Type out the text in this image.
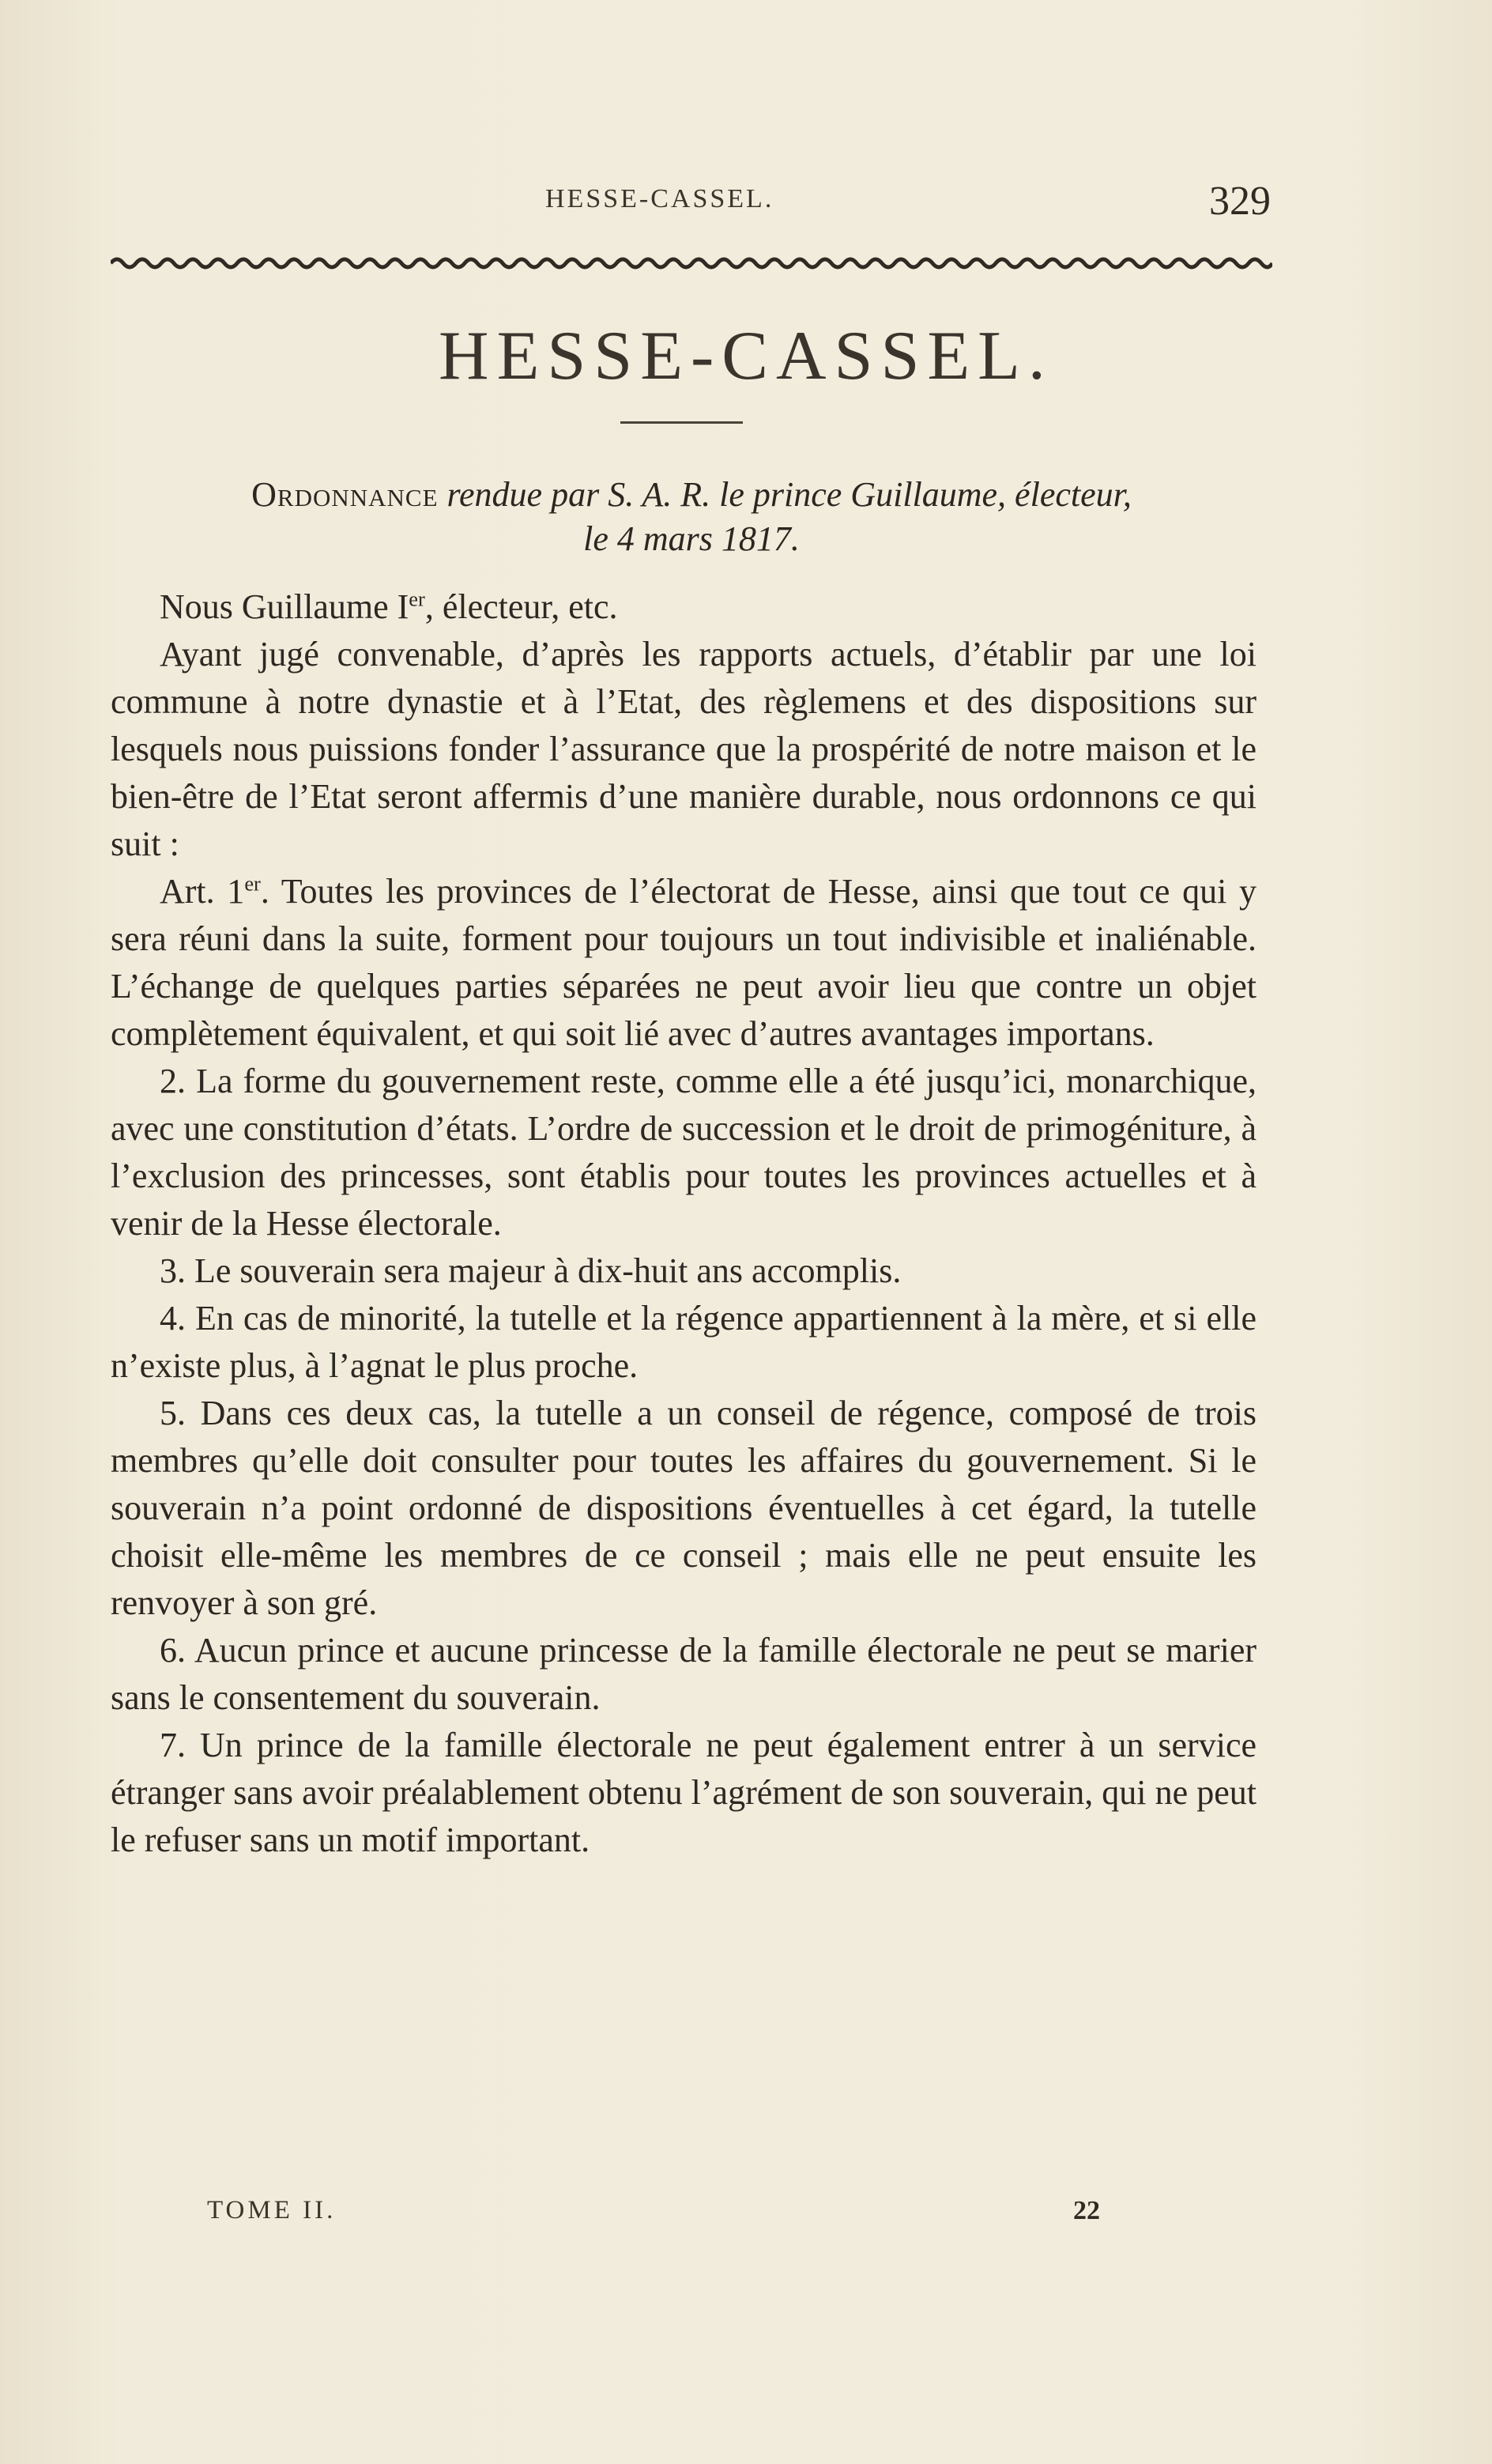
HESSE-CASSEL.	329
HESSE-CASSEL.
Ordonnance rendue par S. A. R. le prince Guillaume, électeur,
le 4 mars 1817.

Nous Guillaume Ier, électeur, etc.

Ayant jugé convenable, d’après les rapports actuels, d’établir par une loi commune à notre dynastie et à l’Etat, des règlemens et des dispositions sur lesquels nous puissions fonder l’assurance que la prospérité de notre maison et le bien-être de l’Etat seront affermis d’une manière durable, nous ordonnons ce qui suit :

Art. 1er. Toutes les provinces de l’électorat de Hesse, ainsi que tout ce qui y sera réuni dans la suite, forment pour toujours un tout indivisible et inaliénable. L’échange de quelques parties séparées ne peut avoir lieu que contre un objet complètement équivalent, et qui soit lié avec d’autres avantages importans.

2. La forme du gouvernement reste, comme elle a été jusqu’ici, monarchique, avec une constitution d’états. L’ordre de succession et le droit de primogéniture, à l’exclusion des princesses, sont établis pour toutes les provinces actuelles et à venir de la Hesse électorale.

3. Le souverain sera majeur à dix-huit ans accomplis.

4. En cas de minorité, la tutelle et la régence appartiennent à la mère, et si elle n’existe plus, à l’agnat le plus proche.

5. Dans ces deux cas, la tutelle a un conseil de régence, composé de trois membres qu’elle doit consulter pour toutes les affaires du gouvernement. Si le souverain n’a point ordonné de dispositions éventuelles à cet égard, la tutelle choisit elle-même les membres de ce conseil ; mais elle ne peut ensuite les renvoyer à son gré.

6. Aucun prince et aucune princesse de la famille électorale ne peut se marier sans le consentement du souverain.

7. Un prince de la famille électorale ne peut également entrer à un service étranger sans avoir préalablement obtenu l’agrément de son souverain, qui ne peut le refuser sans un motif important.

TOME II.	22
